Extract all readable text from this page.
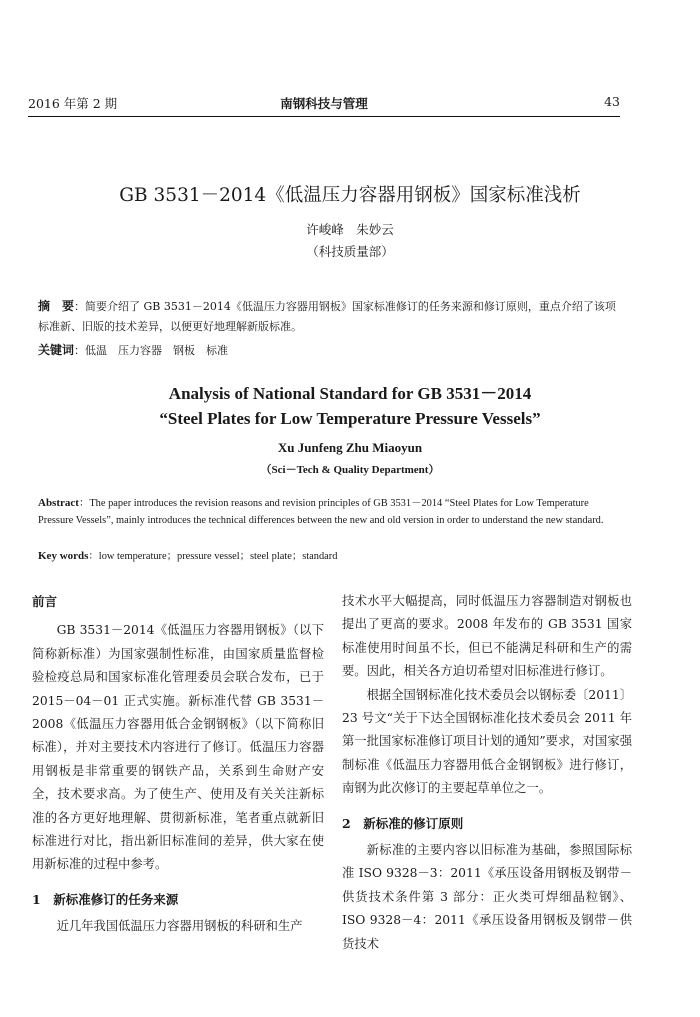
2016 年第 2 期	南钢科技与管理	43
GB 3531－2014《低温压力容器用钢板》国家标准浅析
许峻峰　朱妙云
（科技质量部）
摘　要：简要介绍了 GB 3531－2014《低温压力容器用钢板》国家标准修订的任务来源和修订原则，重点介绍了该项标准新、旧版的技术差异，以便更好地理解新版标准。
关键词：低温　压力容器　钢板　标准
Analysis of National Standard for GB 3531－2014
“Steel Plates for Low Temperature Pressure Vessels”
Xu Junfeng Zhu Miaoyun
（Sci－Tech & Quality Department）
Abstract：The paper introduces the revision reasons and revision principles of GB 3531－2014 “Steel Plates for Low Temperature Pressure Vessels”, mainly introduces the technical differences between the new and old version in order to understand the new standard.
Key words：low temperature；pressure vessel；steel plate；standard
前言

GB 3531－2014《低温压力容器用钢板》（以下简称新标准）为国家强制性标准，由国家质量监督检验检疫总局和国家标准化管理委员会联合发布，已于 2015－04－01 正式实施。新标准代替 GB 3531－2008《低温压力容器用低合金钢钢板》（以下简称旧标准），并对主要技术内容进行了修订。低温压力容器用钢板是非常重要的钢铁产品，关系到生命财产安全，技术要求高。为了使生产、使用及有关关注新标准的各方更好地理解、贯彻新标准，笔者重点就新旧标准进行对比，指出新旧标准间的差异，供大家在使用新标准的过程中参考。

1　新标准修订的任务来源

近几年我国低温压力容器用钢板的科研和生产

技术水平大幅提高，同时低温压力容器制造对钢板也提出了更高的要求。2008 年发布的 GB 3531 国家标准使用时间虽不长，但已不能满足科研和生产的需要。因此，相关各方迫切希望对旧标准进行修订。

根据全国钢标准化技术委员会以钢标委〔2011〕23 号文“关于下达全国钢标准化技术委员会 2011 年第一批国家标准修订项目计划的通知”要求，对国家强制标准《低温压力容器用低合金钢钢板》进行修订，南钢为此次修订的主要起草单位之一。

2　新标准的修订原则

新标准的主要内容以旧标准为基础，参照国际标准 ISO 9328－3：2011《承压设备用钢板及钢带－供货技术条件第 3 部分：正火类可焊细晶粒钢》、ISO 9328－4：2011《承压设备用钢板及钢带－供货技术
